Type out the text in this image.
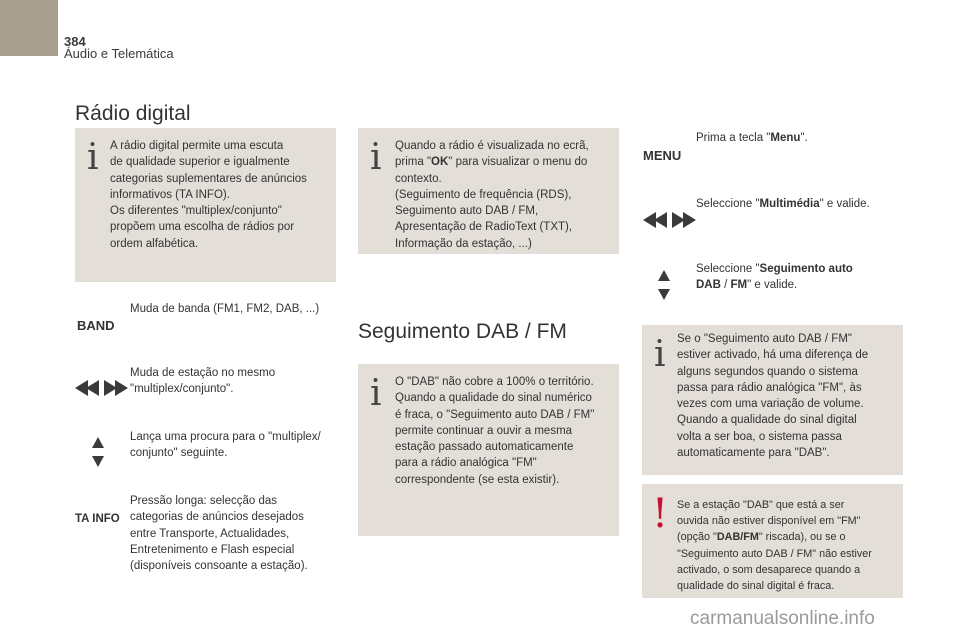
384
Áudio e Telemática
Rádio digital
i A rádio digital permite uma escuta
de qualidade superior e igualmente
categorias suplementares de anúncios
informativos (TA INFO).
Os diferentes "multiplex/conjunto"
propõem uma escolha de rádios por
ordem alfabética.
BAND
Muda de banda (FM1, FM2, DAB, ...)
Muda de estação no mesmo
"multiplex/conjunto".
Lança uma procura para o "multiplex/
conjunto" seguinte.
TA INFO
Pressão longa: selecção das
categorias de anúncios desejados
entre Transporte, Actualidades,
Entretenimento e Flash especial
(disponíveis consoante a estação).
i Quando a rádio é visualizada no ecrã,
prima "OK" para visualizar o menu do
contexto.
(Seguimento de frequência (RDS),
Seguimento auto DAB / FM,
Apresentação de RadioText (TXT),
Informação da estação, ...)
Seguimento DAB / FM
i O "DAB" não cobre a 100% o território.
Quando a qualidade do sinal numérico
é fraca, o "Seguimento auto DAB / FM"
permite continuar a ouvir a mesma
estação passado automaticamente
para a rádio analógica "FM"
correspondente (se esta existir).
MENU
Prima a tecla "Menu".
Seleccione "Multimédia" e valide.
Seleccione "Seguimento auto
DAB / FM" e valide.
i Se o "Seguimento auto DAB / FM"
estiver activado, há uma diferença de
alguns segundos quando o sistema
passa para rádio analógica "FM", às
vezes com uma variação de volume.
Quando a qualidade do sinal digital
volta a ser boa, o sistema passa
automaticamente para "DAB".
! Se a estação "DAB" que está a ser
ouvida não estiver disponível em "FM"
(opção "DAB/FM" riscada), ou se o
"Seguimento auto DAB / FM" não estiver
activado, o som desaparece quando a
qualidade do sinal digital é fraca.
carmanualsonline.info
